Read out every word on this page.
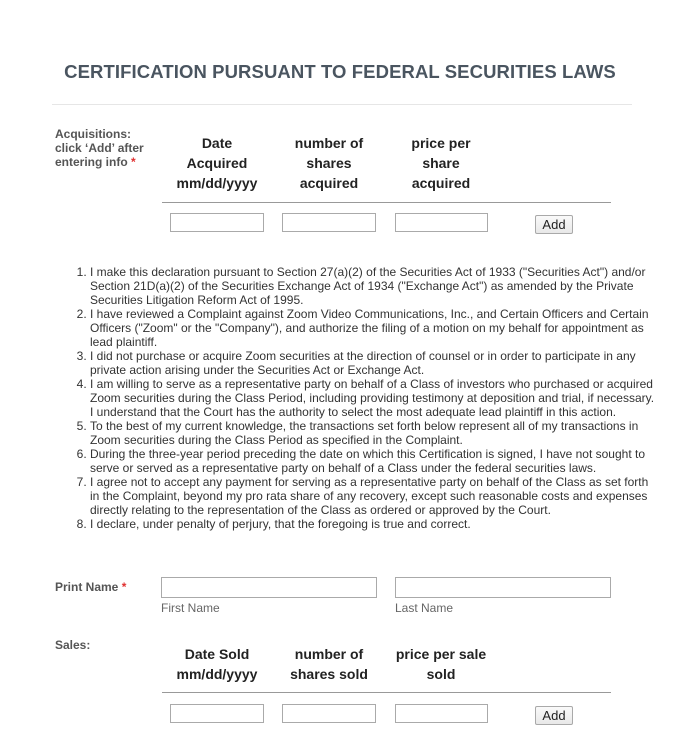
CERTIFICATION PURSUANT TO FEDERAL SECURITIES LAWS
Acquisitions:
click ‘Add’ after
entering info *
Date
Acquired
mm/dd/yyyy
number of
shares
acquired
price per
share
acquired
Add
1. I make this declaration pursuant to Section 27(a)(2) of the Securities Act of 1933 ("Securities Act") and/or Section 21D(a)(2) of the Securities Exchange Act of 1934 ("Exchange Act") as amended by the Private Securities Litigation Reform Act of 1995.
2. I have reviewed a Complaint against Zoom Video Communications, Inc., and Certain Officers and Certain Officers ("Zoom" or the "Company"), and authorize the filing of a motion on my behalf for appointment as lead plaintiff.
3. I did not purchase or acquire Zoom securities at the direction of counsel or in order to participate in any private action arising under the Securities Act or Exchange Act.
4. I am willing to serve as a representative party on behalf of a Class of investors who purchased or acquired Zoom securities during the Class Period, including providing testimony at deposition and trial, if necessary. I understand that the Court has the authority to select the most adequate lead plaintiff in this action.
5. To the best of my current knowledge, the transactions set forth below represent all of my transactions in Zoom securities during the Class Period as specified in the Complaint.
6. During the three-year period preceding the date on which this Certification is signed, I have not sought to serve or served as a representative party on behalf of a Class under the federal securities laws.
7. I agree not to accept any payment for serving as a representative party on behalf of the Class as set forth in the Complaint, beyond my pro rata share of any recovery, except such reasonable costs and expenses directly relating to the representation of the Class as ordered or approved by the Court.
8. I declare, under penalty of perjury, that the foregoing is true and correct.
Print Name *
First Name	Last Name
Sales:
Date Sold
mm/dd/yyyy
number of
shares sold
price per sale
sold
Add
